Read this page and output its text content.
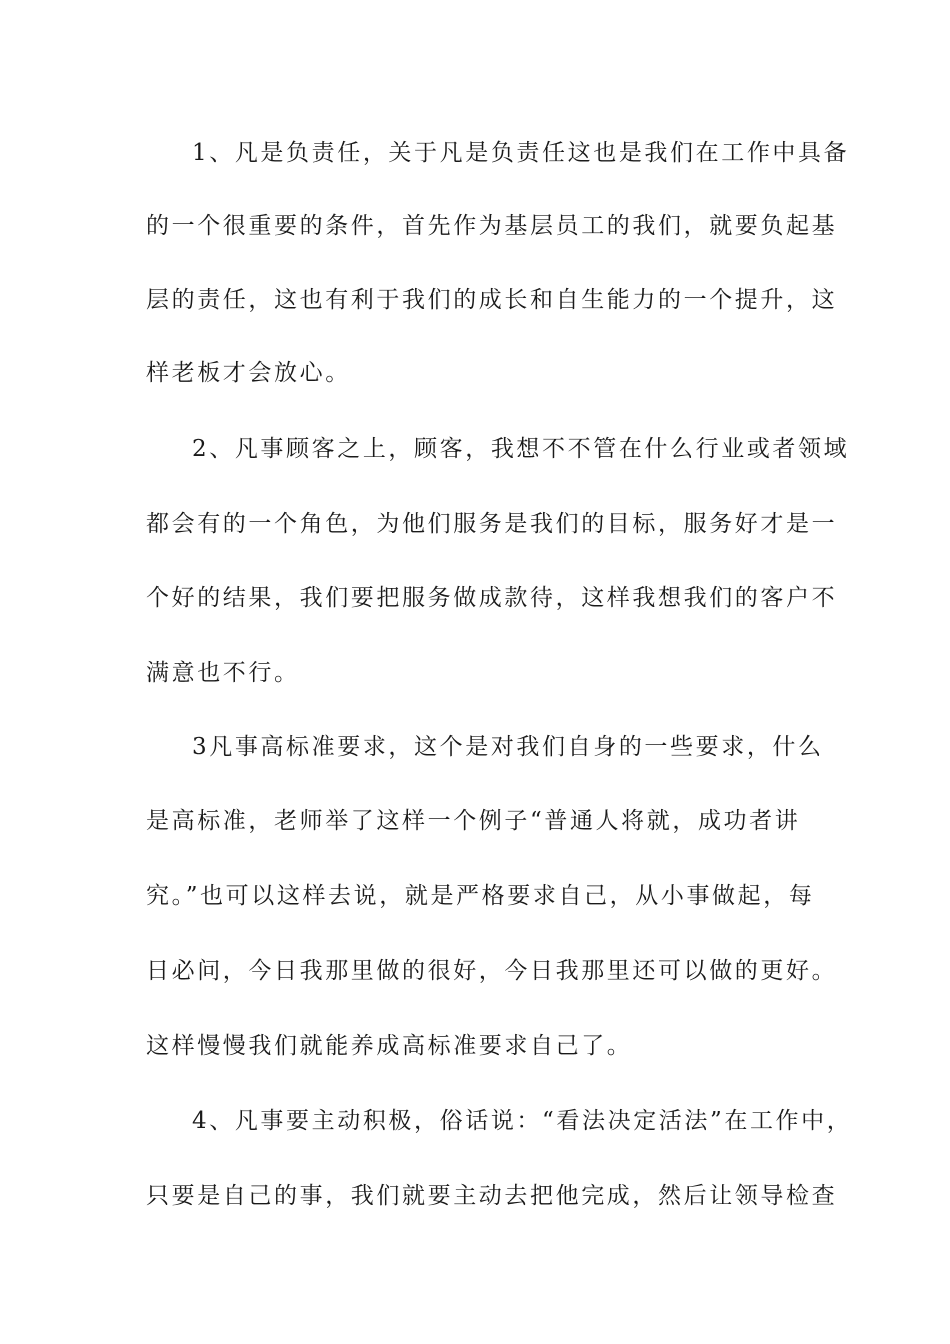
1、凡是负责任，关于凡是负责任这也是我们在工作中具备
的一个很重要的条件，首先作为基层员工的我们，就要负起基
层的责任，这也有利于我们的成长和自生能力的一个提升，这
样老板才会放心。
2、凡事顾客之上，顾客，我想不不管在什么行业或者领域
都会有的一个角色，为他们服务是我们的目标，服务好才是一
个好的结果，我们要把服务做成款待，这样我想我们的客户不
满意也不行。
3凡事高标准要求，这个是对我们自身的一些要求，什么
是高标准，老师举了这样一个例子“普通人将就，成功者讲
究。”也可以这样去说，就是严格要求自己，从小事做起，每
日必问，今日我那里做的很好，今日我那里还可以做的更好。
这样慢慢我们就能养成高标准要求自己了。
4、凡事要主动积极，俗话说：“看法决定活法”在工作中，
只要是自己的事，我们就要主动去把他完成，然后让领导检查
